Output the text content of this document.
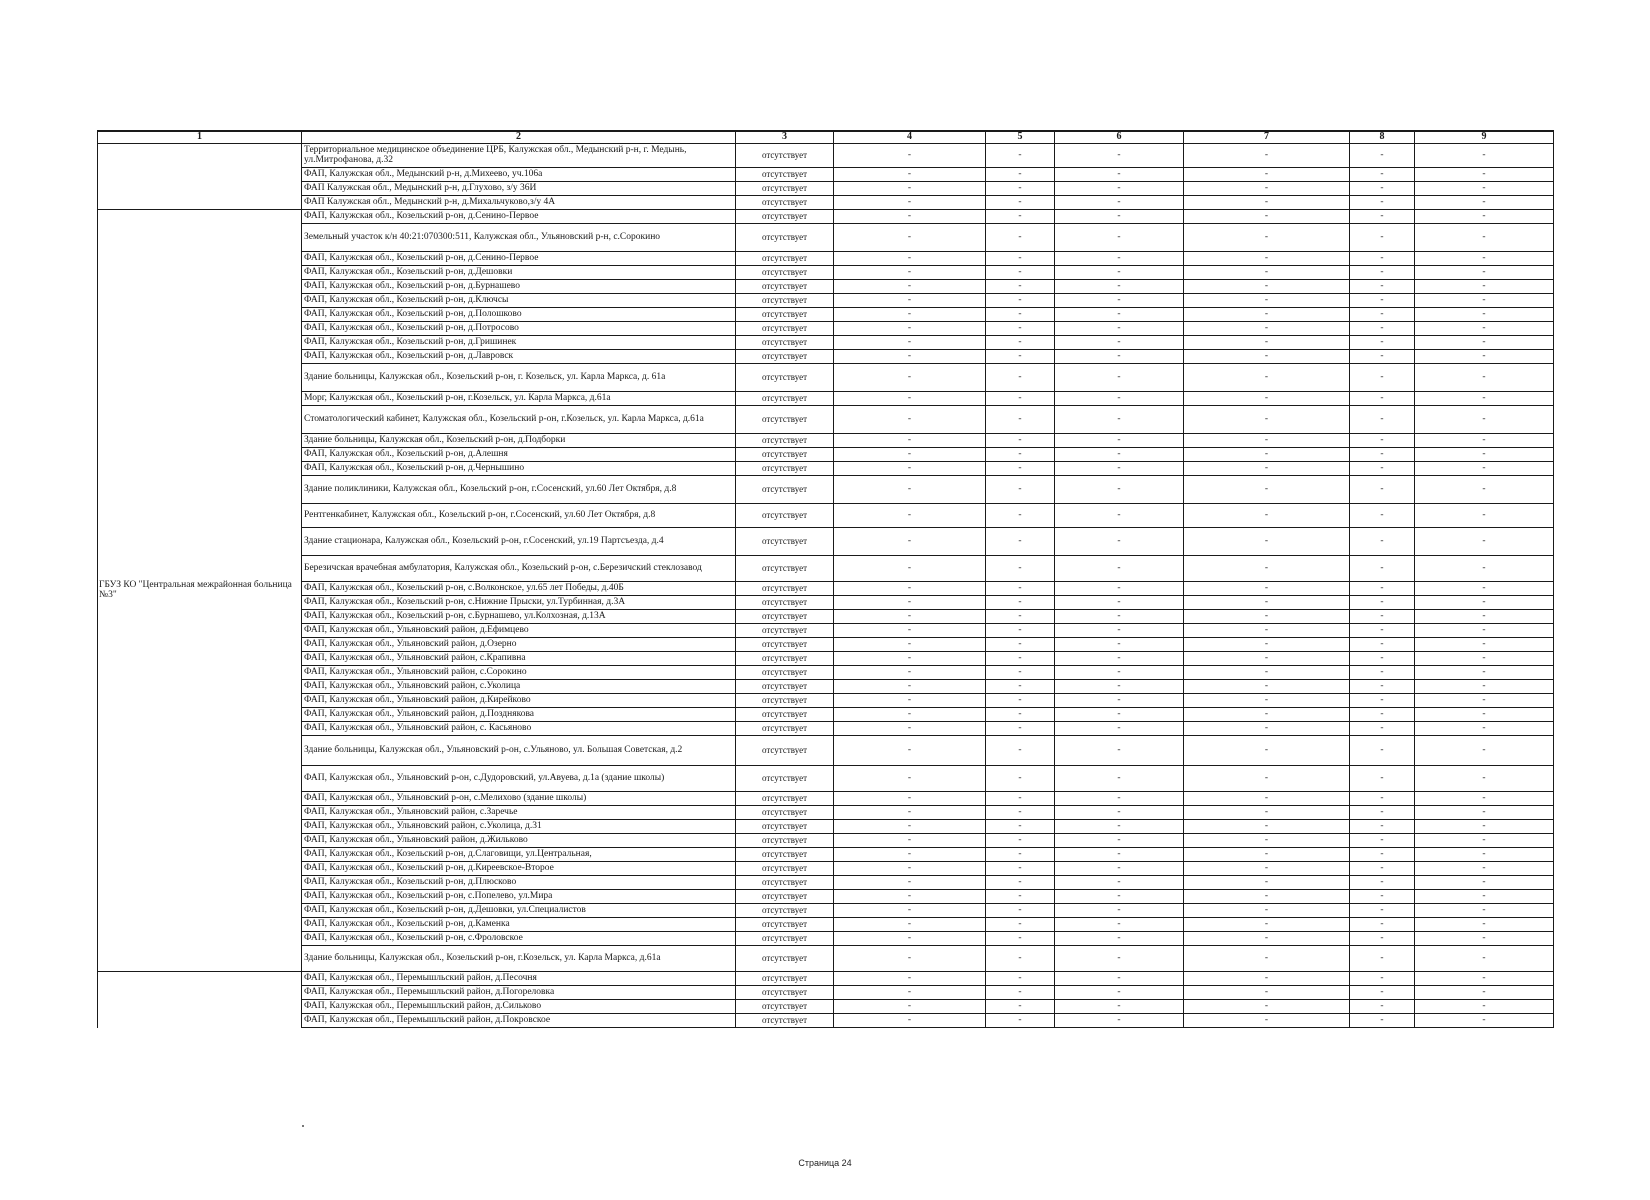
1	2	3	4	5	6	7	8	9
	Территориальное медицинское объединение ЦРБ, Калужская обл., Медынский р-н, г. Медынь, ул.Митрофанова, д.32	отсутствует	-	-	-	-	-	-
	ФАП, Калужская обл., Медынский р-н, д.Михеево, уч.106а	отсутствует	-	-	-	-	-	-
	ФАП Калужская обл., Медынский р-н, д.Глухово, з/у 36И	отсутствует	-	-	-	-	-	-
	ФАП Калужская обл., Медынский р-н, д.Михальчуково,з/у 4А	отсутствует	-	-	-	-	-	-
ГБУЗ КО "Центральная межрайонная больница №3"	ФАП, Калужская обл., Козельский р-он, д.Сенино-Первое	отсутствует	-	-	-	-	-	-
	Земельный участок к/н 40:21:070300:511, Калужская обл., Ульяновский р-н, с.Сорокино	отсутствует	-	-	-	-	-	-
	ФАП, Калужская обл., Козельский р-он, д.Сенино-Первое	отсутствует	-	-	-	-	-	-
	ФАП, Калужская обл., Козельский р-он, д.Дешовки	отсутствует	-	-	-	-	-	-
	ФАП, Калужская обл., Козельский р-он, д.Бурнашево	отсутствует	-	-	-	-	-	-
	ФАП, Калужская обл., Козельский р-он, д.Ключсы	отсутствует	-	-	-	-	-	-
	ФАП, Калужская обл., Козельский р-он, д.Полошково	отсутствует	-	-	-	-	-	-
	ФАП, Калужская обл., Козельский р-он, д.Потросово	отсутствует	-	-	-	-	-	-
	ФАП, Калужская обл., Козельский р-он, д.Гришинек	отсутствует	-	-	-	-	-	-
	ФАП, Калужская обл., Козельский р-он, д.Лавровск	отсутствует	-	-	-	-	-	-
	Здание больницы, Калужская обл., Козельский р-он, г. Козельск, ул. Карла Маркса, д. 61а	отсутствует	-	-	-	-	-	-
	Морг, Калужская обл., Козельский р-он, г.Козельск, ул. Карла Маркса, д.61а	отсутствует	-	-	-	-	-	-
	Стоматологический кабинет, Калужская обл., Козельский р-он, г.Козельск, ул. Карла Маркса, д.61а	отсутствует	-	-	-	-	-	-
	Здание больницы, Калужская обл., Козельский р-он, д.Подборки	отсутствует	-	-	-	-	-	-
	ФАП, Калужская обл., Козельский р-он, д.Алешня	отсутствует	-	-	-	-	-	-
	ФАП, Калужская обл., Козельский р-он, д.Чернышино	отсутствует	-	-	-	-	-	-
	Здание поликлиники, Калужская обл., Козельский р-он, г.Сосенский, ул.60 Лет Октября, д.8	отсутствует	-	-	-	-	-	-
	Рентгенкабинет, Калужская обл., Козельский р-он, г.Сосенский, ул.60 Лет Октября, д.8	отсутствует	-	-	-	-	-	-
	Здание стационара, Калужская обл., Козельский р-он, г.Сосенский, ул.19 Партсъезда, д.4	отсутствует	-	-	-	-	-	-
	Березичская врачебная амбулатория, Калужская обл., Козельский р-он, с.Березичский стеклозавод	отсутствует	-	-	-	-	-	-
	ФАП, Калужская обл., Козельский р-он, с.Волконское, ул.65 лет Победы, д.40Б	отсутствует	-	-	-	-	-	-
	ФАП, Калужская обл., Козельский р-он, с.Нижние Прыски, ул.Турбинная, д.3А	отсутствует	-	-	-	-	-	-
	ФАП, Калужская обл., Козельский р-он, с.Бурнашево, ул.Колхозная, д.13А	отсутствует	-	-	-	-	-	-
	ФАП, Калужская обл., Ульяновский район, д.Ефимцево	отсутствует	-	-	-	-	-	-
	ФАП, Калужская обл., Ульяновский район, д.Озерно	отсутствует	-	-	-	-	-	-
	ФАП, Калужская обл., Ульяновский район, с.Крапивна	отсутствует	-	-	-	-	-	-
	ФАП, Калужская обл., Ульяновский район, с.Сорокино	отсутствует	-	-	-	-	-	-
	ФАП, Калужская обл., Ульяновский район, с.Уколица	отсутствует	-	-	-	-	-	-
	ФАП, Калужская обл., Ульяновский район, д.Кирейково	отсутствует	-	-	-	-	-	-
	ФАП, Калужская обл., Ульяновский район, д.Позднякова	отсутствует	-	-	-	-	-	-
	ФАП, Калужская обл., Ульяновский район, с. Касьяново	отсутствует	-	-	-	-	-	-
	Здание больницы, Калужская обл., Ульяновский р-он, с.Ульяново, ул. Большая Советская, д.2	отсутствует	-	-	-	-	-	-
	ФАП, Калужская обл., Ульяновский р-он, с.Дудоровский, ул.Авуева, д.1а (здание школы)	отсутствует	-	-	-	-	-	-
	ФАП, Калужская обл., Ульяновский р-он, с.Мелихово (здание школы)	отсутствует	-	-	-	-	-	-
	ФАП, Калужская обл., Ульяновский район, с.Заречье	отсутствует	-	-	-	-	-	-
	ФАП, Калужская обл., Ульяновский район, с.Уколица, д.31	отсутствует	-	-	-	-	-	-
	ФАП, Калужская обл., Ульяновский район, д.Жильково	отсутствует	-	-	-	-	-	-
	ФАП, Калужская обл., Козельский р-он, д.Слаговищи, ул.Центральная,	отсутствует	-	-	-	-	-	-
	ФАП, Калужская обл., Козельский р-он, д.Киреевское-Второе	отсутствует	-	-	-	-	-	-
	ФАП, Калужская обл., Козельский р-он, д.Плюсково	отсутствует	-	-	-	-	-	-
	ФАП, Калужская обл., Козельский р-он, с.Попелево, ул.Мира	отсутствует	-	-	-	-	-	-
	ФАП, Калужская обл., Козельский р-он, д.Дешовки, ул.Специалистов	отсутствует	-	-	-	-	-	-
	ФАП, Калужская обл., Козельский р-он, д.Каменка	отсутствует	-	-	-	-	-	-
	ФАП, Калужская обл., Козельский р-он, с.Фроловское	отсутствует	-	-	-	-	-	-
	Здание больницы, Калужская обл., Козельский р-он, г.Козельск, ул. Карла Маркса, д.61а	отсутствует	-	-	-	-	-	-
	ФАП, Калужская обл., Перемышльский район, д.Песочня	отсутствует	-	-	-	-	-	-
	ФАП, Калужская обл., Перемышльский район, д.Погореловка	отсутствует	-	-	-	-	-	-
	ФАП, Калужская обл., Перемышльский район, д.Сильково	отсутствует	-	-	-	-	-	-
	ФАП, Калужская обл., Перемышльский район, д.Покровское	отсутствует	-	-	-	-	-	-
Страница 24
